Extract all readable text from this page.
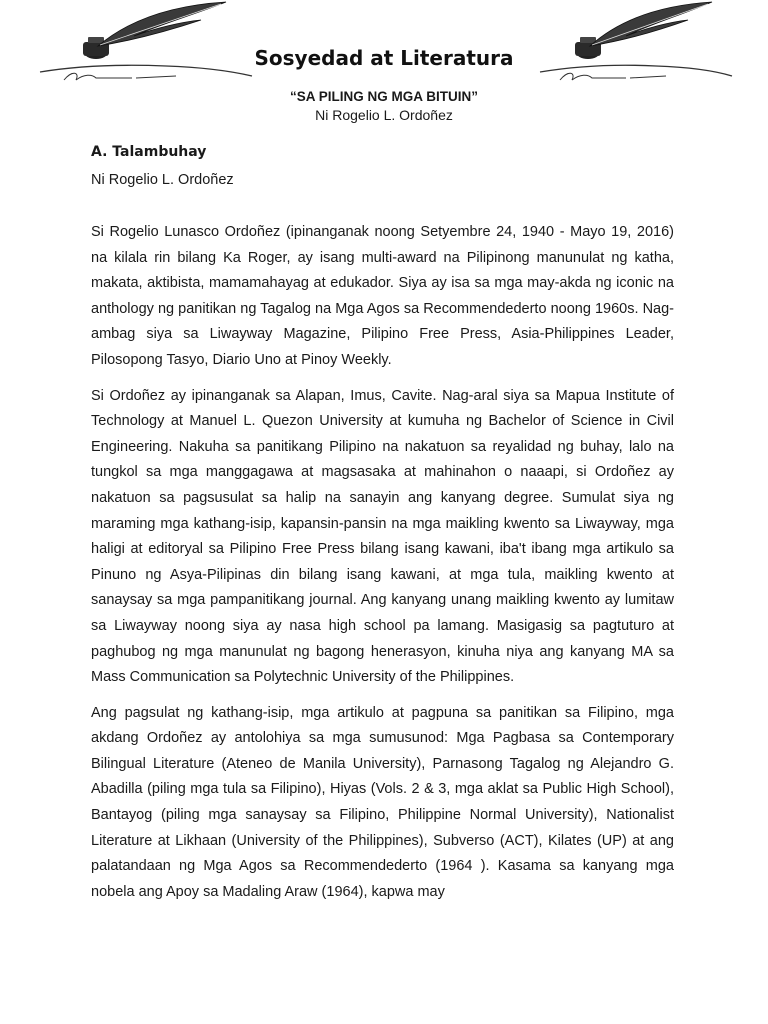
Sosyedad at Literatura
“SA PILING NG MGA BITUIN”
Ni Rogelio L. Ordoñez

A. Talambuhay

Ni Rogelio L. Ordoñez

Si Rogelio Lunasco Ordoñez (ipinanganak noong Setyembre 24, 1940 - Mayo 19, 2016) na kilala rin bilang Ka Roger, ay isang multi-award na Pilipinong manunulat ng katha, makata, aktibista, mamamahayag at edukador. Siya ay isa sa mga may-akda ng iconic na anthology ng panitikan ng Tagalog na Mga Agos sa Recommendederto noong 1960s. Nag-ambag siya sa Liwayway Magazine, Pilipino Free Press, Asia-Philippines Leader, Pilosopong Tasyo, Diario Uno at Pinoy Weekly.

Si Ordoñez ay ipinanganak sa Alapan, Imus, Cavite. Nag-aral siya sa Mapua Institute of Technology at Manuel L. Quezon University at kumuha ng Bachelor of Science in Civil Engineering. Nakuha sa panitikang Pilipino na nakatuon sa reyalidad ng buhay, lalo na tungkol sa mga manggagawa at magsasaka at mahinahon o naaapi, si Ordoñez ay nakatuon sa pagsusulat sa halip na sanayin ang kanyang degree. Sumulat siya ng maraming mga kathang-isip, kapansin-pansin na mga maikling kwento sa Liwayway, mga haligi at editoryal sa Pilipino Free Press bilang isang kawani, iba't ibang mga artikulo sa Pinuno ng Asya-Pilipinas din bilang isang kawani, at mga tula, maikling kwento at sanaysay sa mga pampanitikang journal. Ang kanyang unang maikling kwento ay lumitaw sa Liwayway noong siya ay nasa high school pa lamang. Masigasig sa pagtuturo at paghubog ng mga manunulat ng bagong henerasyon, kinuha niya ang kanyang MA sa Mass Communication sa Polytechnic University of the Philippines.

Ang pagsulat ng kathang-isip, mga artikulo at pagpuna sa panitikan sa Filipino, mga akdang Ordoñez ay antolohiya sa mga sumusunod: Mga Pagbasa sa Contemporary Bilingual Literature (Ateneo de Manila University), Parnasong Tagalog ng Alejandro G. Abadilla (piling mga tula sa Filipino), Hiyas (Vols. 2 & 3, mga aklat sa Public High School), Bantayog (piling mga sanaysay sa Filipino, Philippine Normal University), Nationalist Literature at Likhaan (University of the Philippines), Subverso (ACT), Kilates (UP) at ang palatandaan ng Mga Agos sa Recommendederto (1964 ). Kasama sa kanyang mga nobela ang Apoy sa Madaling Araw (1964), kapwa may
